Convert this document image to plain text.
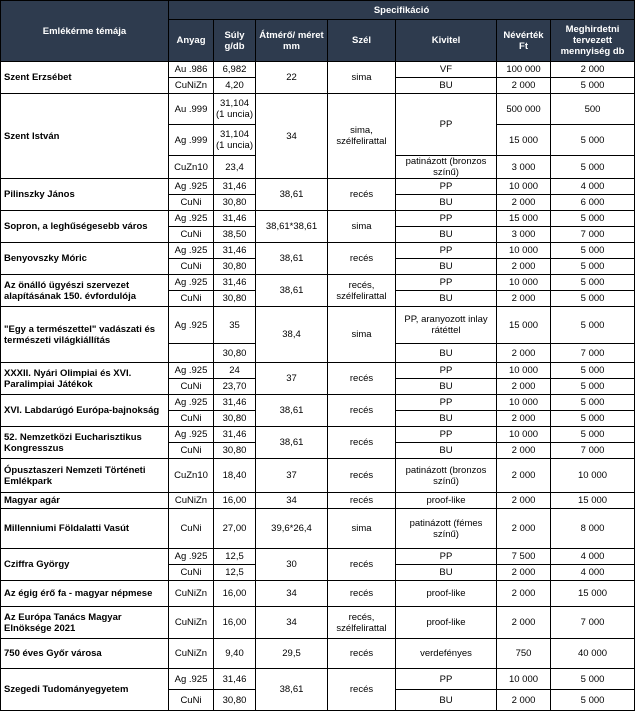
Emlékérme témája	Specifikáció						
	Anyag	Súly g/db	Átmérő/ méret mm	Szél	Kivitel	Névérték Ft	Meghirdetni tervezett mennyiség db
Szent Erzsébet	Au .986	6,982	22	sima	VF	100 000	2 000
	CuNiZn	4,20			BU	2 000	5 000
Szent István	Au .999	31,104 (1 uncia)	34	sima, szélfelirattal	PP	500 000	500
	Ag .999	31,104 (1 uncia)				15 000	5 000
	CuZn10	23,4			patinázott (bronzos színű)	3 000	5 000
Pilinszky János	Ag .925	31,46	38,61	recés	PP	10 000	4 000
	CuNi	30,80			BU	2 000	6 000
Sopron, a leghűségesebb város	Ag .925	31,46	38,61*38,61	sima	PP	15 000	5 000
	CuNi	38,50			BU	3 000	7 000
Benyovszky Móric	Ag .925	31,46	38,61	recés	PP	10 000	5 000
	CuNi	30,80			BU	2 000	5 000
Az önálló ügyészi szervezet alapításának 150. évfordulója	Ag .925	31,46	38,61	recés, szélfelirattal	PP	10 000	5 000
	CuNi	30,80			BU	2 000	5 000
"Egy a természettel" vadászati és természeti világkiállítás	Ag .925	35	38,4	sima	PP, aranyozott inlay rátéttel	15 000	5 000
		30,80			BU	2 000	7 000
XXXII. Nyári Olimpiai és XVI. Paralimpiai Játékok	Ag .925	24	37	recés	PP	10 000	5 000
	CuNi	23,70			BU	2 000	5 000
XVI. Labdarúgó Európa-bajnokság	Ag .925	31,46	38,61	recés	PP	10 000	5 000
	CuNi	30,80			BU	2 000	5 000
52. Nemzetközi Eucharisztikus Kongresszus	Ag .925	31,46	38,61	recés	PP	10 000	5 000
	CuNi	30,80			BU	2 000	7 000
Ópusztaszeri Nemzeti Történeti Emlékpark	CuZn10	18,40	37	recés	patinázott (bronzos színű)	2 000	10 000
Magyar agár	CuNiZn	16,00	34	recés	proof-like	2 000	15 000
Millenniumi Földalatti Vasút	CuNi	27,00	39,6*26,4	sima	patinázott (fémes színű)	2 000	8 000
Cziffra György	Ag .925	12,5	30	recés	PP	7 500	4 000
	CuNi	12,5			BU	2 000	4 000
Az égig érő fa - magyar népmese	CuNiZn	16,00	34	recés	proof-like	2 000	15 000
Az Európa Tanács Magyar Elnöksége 2021	CuNiZn	16,00	34	recés, szélfelirattal	proof-like	2 000	7 000
750 éves Győr városa	CuNiZn	9,40	29,5	recés	verdefényes	750	40 000
Szegedi Tudományegyetem	Ag .925	31,46	38,61	recés	PP	10 000	5 000
	CuNi	30,80			BU	2 000	5 000
